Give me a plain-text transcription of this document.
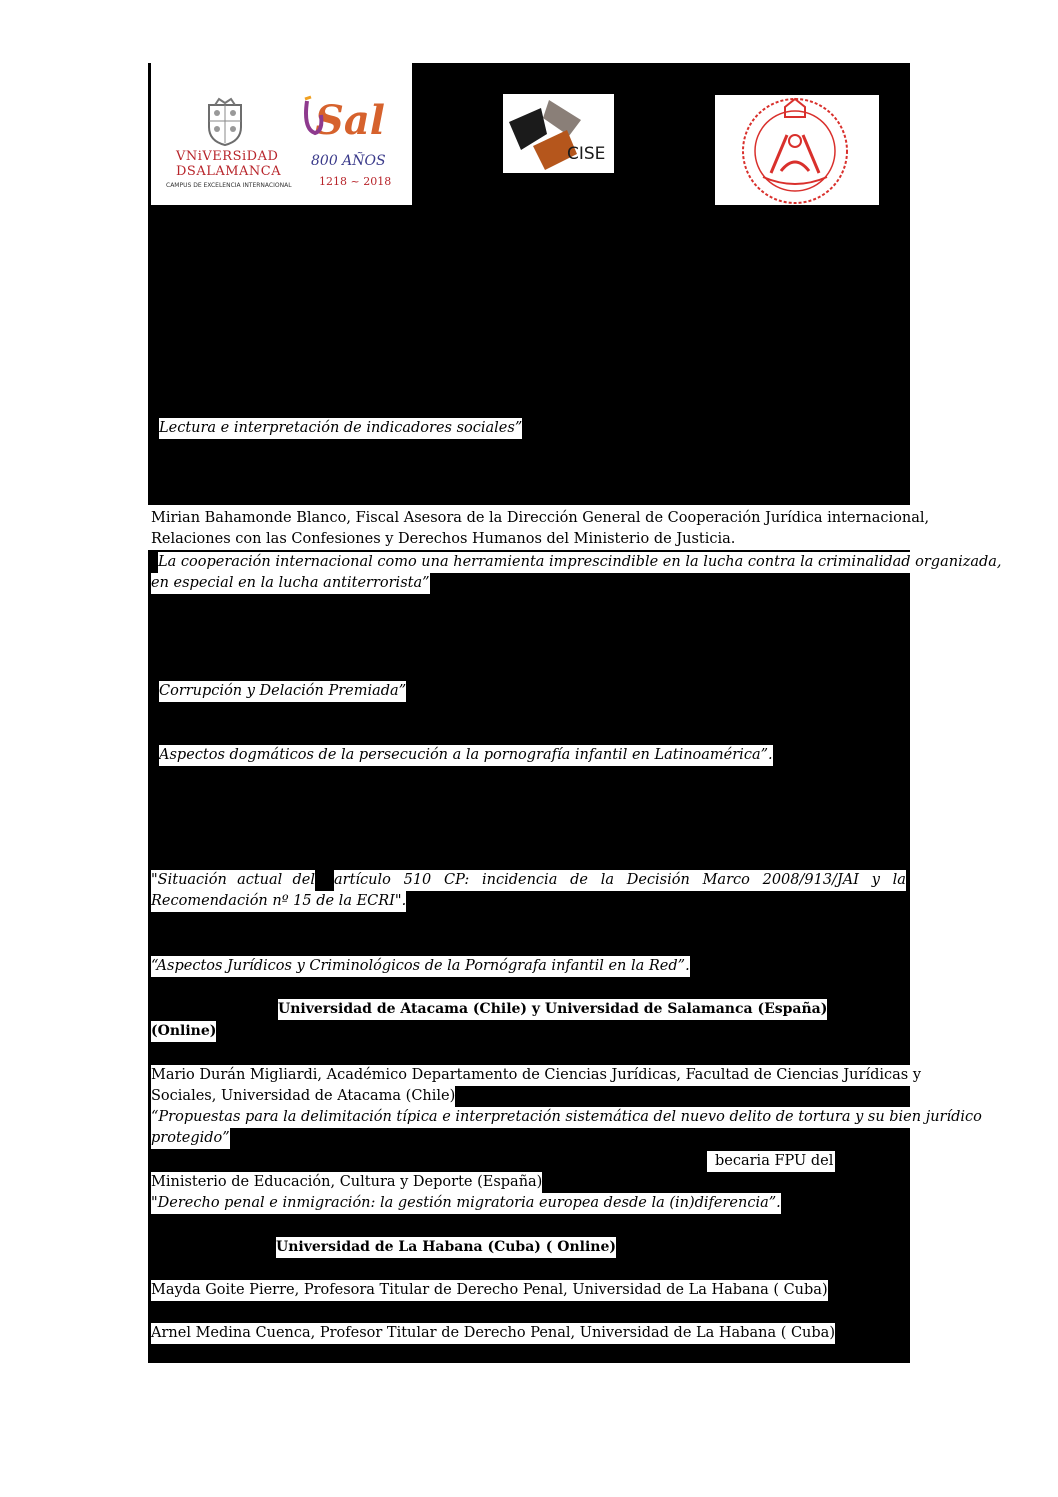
VNiVERSiDAD
DSALAMANCA
CAMPUS DE EXCELENCIA INTERNACIONAL
Sal
800 AÑOS
1218 ~ 2018
CISE
Lectura e interpretación de indicadores sociales”
Mirian Bahamonde Blanco, Fiscal Asesora de la Dirección General de Cooperación Jurídica internacional,
Relaciones con las Confesiones y Derechos Humanos del Ministerio de Justicia.
La cooperación internacional como una herramienta imprescindible en la lucha contra la criminalidad organizada,
en especial en la lucha antiterrorista”
Corrupción y Delación Premiada”
Aspectos dogmáticos de la persecución a la pornografía infantil en Latinoamérica”.
"Situación actual del artículo 510 CP: incidencia de la Decisión Marco 2008/913/JAI y la
Recomendación nº 15 de la ECRI".
“Aspectos Jurídicos y Criminológicos de la Pornógrafa infantil en la Red”.
Universidad de Atacama (Chile) y Universidad de Salamanca (España)
(Online)
Mario Durán Migliardi, Académico Departamento de Ciencias Jurídicas, Facultad de Ciencias Jurídicas y
Sociales, Universidad de Atacama (Chile)
“Propuestas para la delimitación típica e interpretación sistemática del nuevo delito de tortura y su bien jurídico
protegido”
becaria FPU del
Ministerio de Educación, Cultura y Deporte (España)
"Derecho penal e inmigración: la gestión migratoria europea desde la (in)diferencia”.
Universidad de La Habana (Cuba) ( Online)
Mayda Goite Pierre, Profesora Titular de Derecho Penal, Universidad de La Habana ( Cuba)
Arnel Medina Cuenca, Profesor Titular de Derecho Penal, Universidad de La Habana ( Cuba)
